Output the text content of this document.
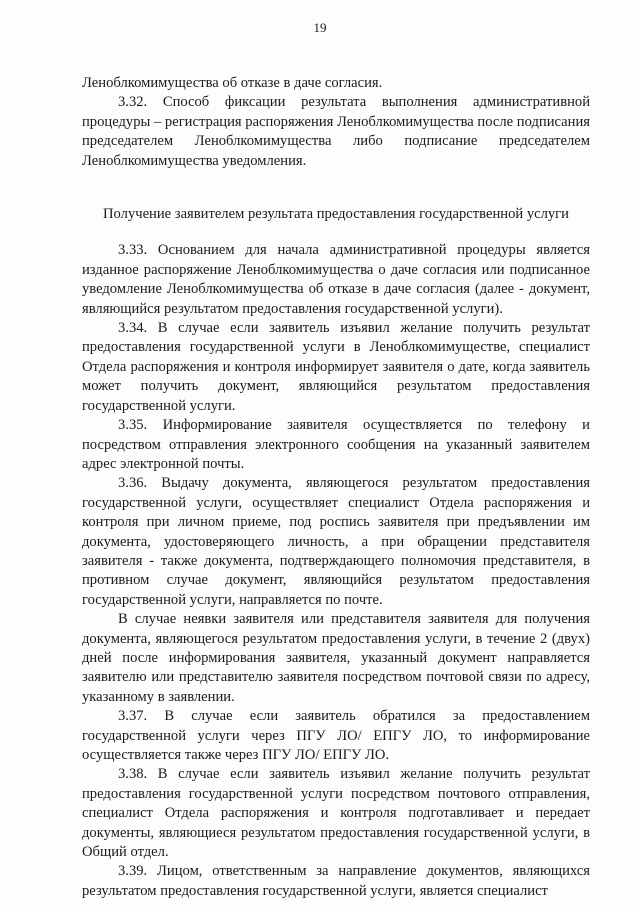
19

Леноблкомимущества об отказе в даче согласия.

3.32. Способ фиксации результата выполнения административной процедуры – регистрация распоряжения Леноблкомимущества после подписания председателем Леноблкомимущества либо подписание председателем Леноблкомимущества уведомления.

Получение заявителем результата предоставления государственной услуги

3.33. Основанием для начала административной процедуры является изданное распоряжение Леноблкомимущества о даче согласия или подписанное уведомление Леноблкомимущества об отказе в даче согласия (далее - документ, являющийся результатом предоставления государственной услуги).

3.34. В случае если заявитель изъявил желание получить результат предоставления государственной услуги в Леноблкомимуществе, специалист Отдела распоряжения и контроля информирует заявителя о дате, когда заявитель может получить документ, являющийся результатом предоставления государственной услуги.

3.35. Информирование заявителя осуществляется по телефону и посредством отправления электронного сообщения на указанный заявителем адрес электронной почты.

3.36. Выдачу документа, являющегося результатом предоставления государственной услуги, осуществляет специалист Отдела распоряжения и контроля при личном приеме, под роспись заявителя при предъявлении им документа, удостоверяющего личность, а при обращении представителя заявителя - также документа, подтверждающего полномочия представителя, в противном случае документ, являющийся результатом предоставления государственной услуги, направляется по почте.

В случае неявки заявителя или представителя заявителя для получения документа, являющегося результатом предоставления услуги, в течение 2 (двух) дней после информирования заявителя, указанный документ направляется заявителю или представителю заявителя посредством почтовой связи по адресу, указанному в заявлении.

3.37. В случае если заявитель обратился за предоставлением государственной услуги через ПГУ ЛО/ ЕПГУ ЛО, то информирование осуществляется также через ПГУ ЛО/ ЕПГУ ЛО.

3.38. В случае если заявитель изъявил желание получить результат предоставления государственной услуги посредством почтового отправления, специалист Отдела распоряжения и контроля подготавливает и передает документы, являющиеся результатом предоставления государственной услуги, в Общий отдел.

3.39. Лицом, ответственным за направление документов, являющихся результатом предоставления государственной услуги, является специалист
